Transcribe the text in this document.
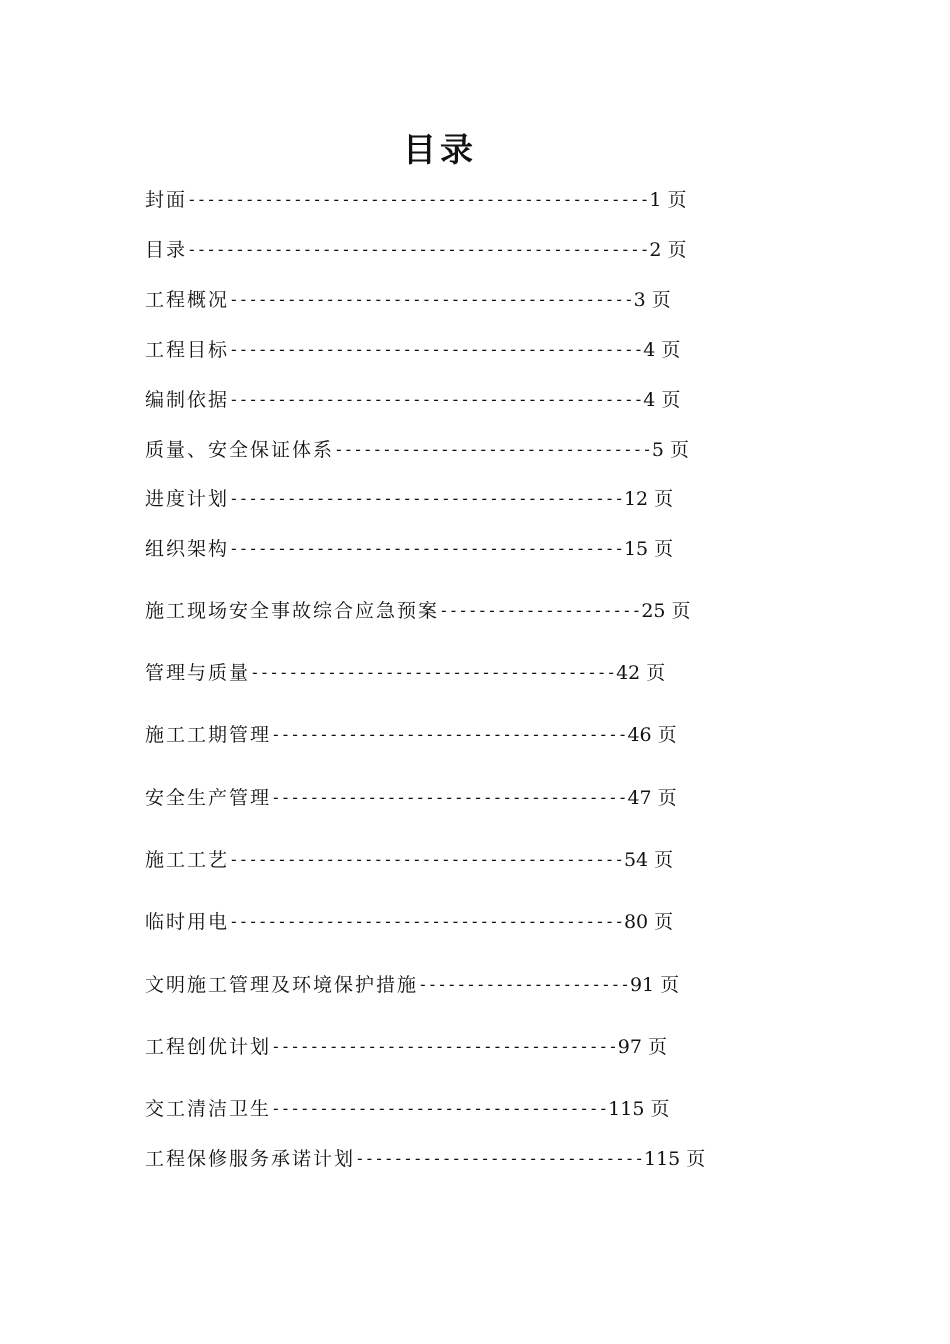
目录
封面------------------------------------------------1 页
目录------------------------------------------------2 页
工程概况------------------------------------------3 页
工程目标-------------------------------------------4 页
编制依据-------------------------------------------4 页
质量、安全保证体系---------------------------------5 页
进度计划-----------------------------------------12 页
组织架构-----------------------------------------15 页
施工现场安全事故综合应急预案---------------------25 页
管理与质量--------------------------------------42 页
施工工期管理-------------------------------------46 页
安全生产管理-------------------------------------47 页
施工工艺-----------------------------------------54 页
临时用电-----------------------------------------80 页
文明施工管理及环境保护措施----------------------91 页
工程创优计划------------------------------------97 页
交工清洁卫生-----------------------------------115 页
工程保修服务承诺计划------------------------------115 页
